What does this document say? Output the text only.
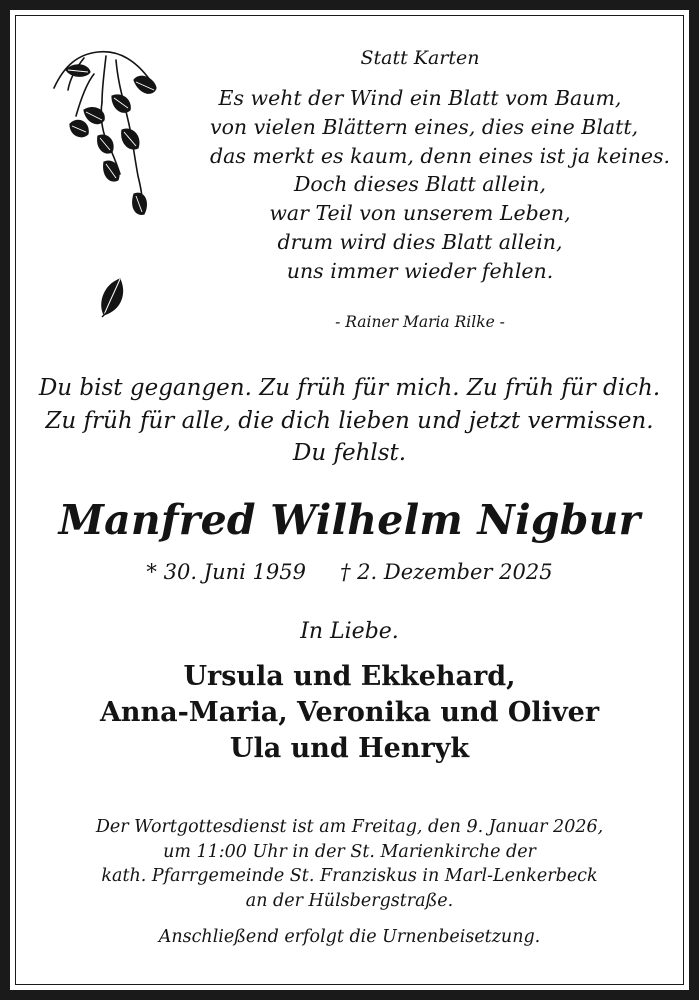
Statt Karten
Es weht der Wind ein Blatt vom Baum,
von vielen Blättern eines, dies eine Blatt,
das merkt es kaum, denn eines ist ja keines.
Doch dieses Blatt allein,
war Teil von unserem Leben,
drum wird dies Blatt allein,
uns immer wieder fehlen.
- Rainer Maria Rilke -
Du bist gegangen. Zu früh für mich. Zu früh für dich.
Zu früh für alle, die dich lieben und jetzt vermissen.
Du fehlst.
Manfred Wilhelm Nigbur
* 30. Juni 1959 † 2. Dezember 2025
In Liebe.
Ursula und Ekkehard,
Anna-Maria, Veronika und Oliver
Ula und Henryk
Der Wortgottesdienst ist am Freitag, den 9. Januar 2026,
um 11:00 Uhr in der St. Marienkirche der
kath. Pfarrgemeinde St. Franziskus in Marl-Lenkerbeck
an der Hülsbergstraße.
Anschließend erfolgt die Urnenbeisetzung.
